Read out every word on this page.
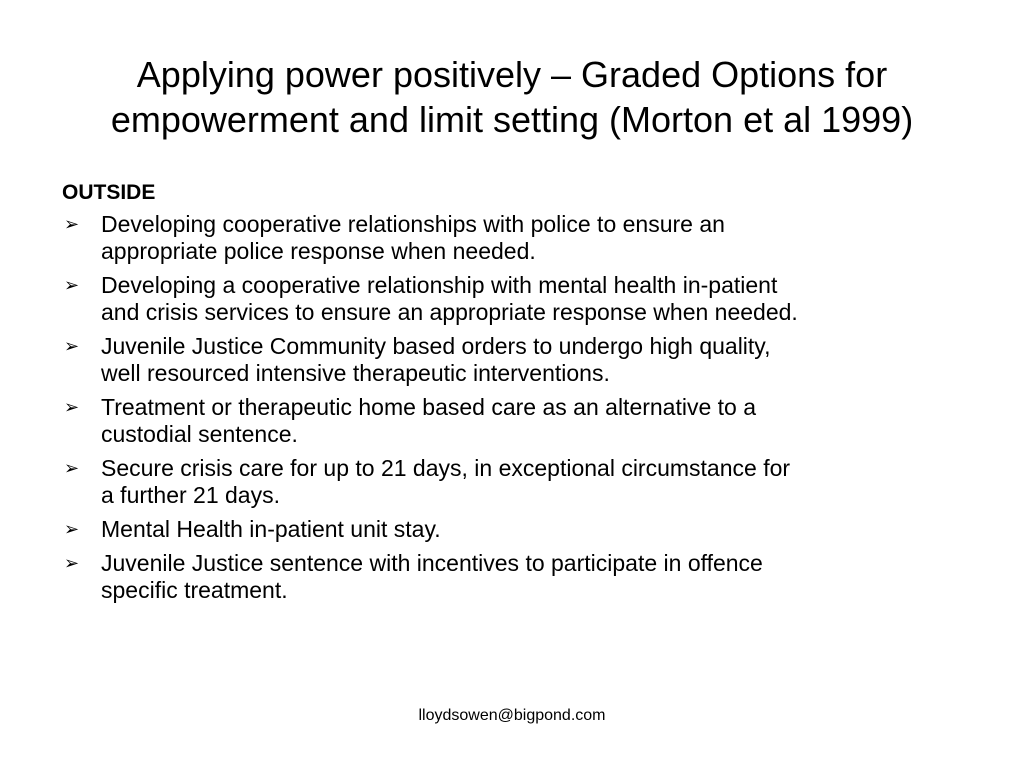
Applying power positively – Graded Options for
empowerment and limit setting (Morton et al 1999)
OUTSIDE
➢ Developing cooperative relationships with police to ensure an
appropriate police response when needed.
➢ Developing a cooperative relationship with mental health in-patient
and crisis services to ensure an appropriate response when needed.
➢ Juvenile Justice Community based orders to undergo high quality,
well resourced intensive therapeutic interventions.
➢ Treatment or therapeutic home based care as an alternative to a
custodial sentence.
➢ Secure crisis care for up to 21 days, in exceptional circumstance for
a further 21 days.
➢ Mental Health in-patient unit stay.
➢ Juvenile Justice sentence with incentives to participate in offence
specific treatment.
lloydsowen@bigpond.com
